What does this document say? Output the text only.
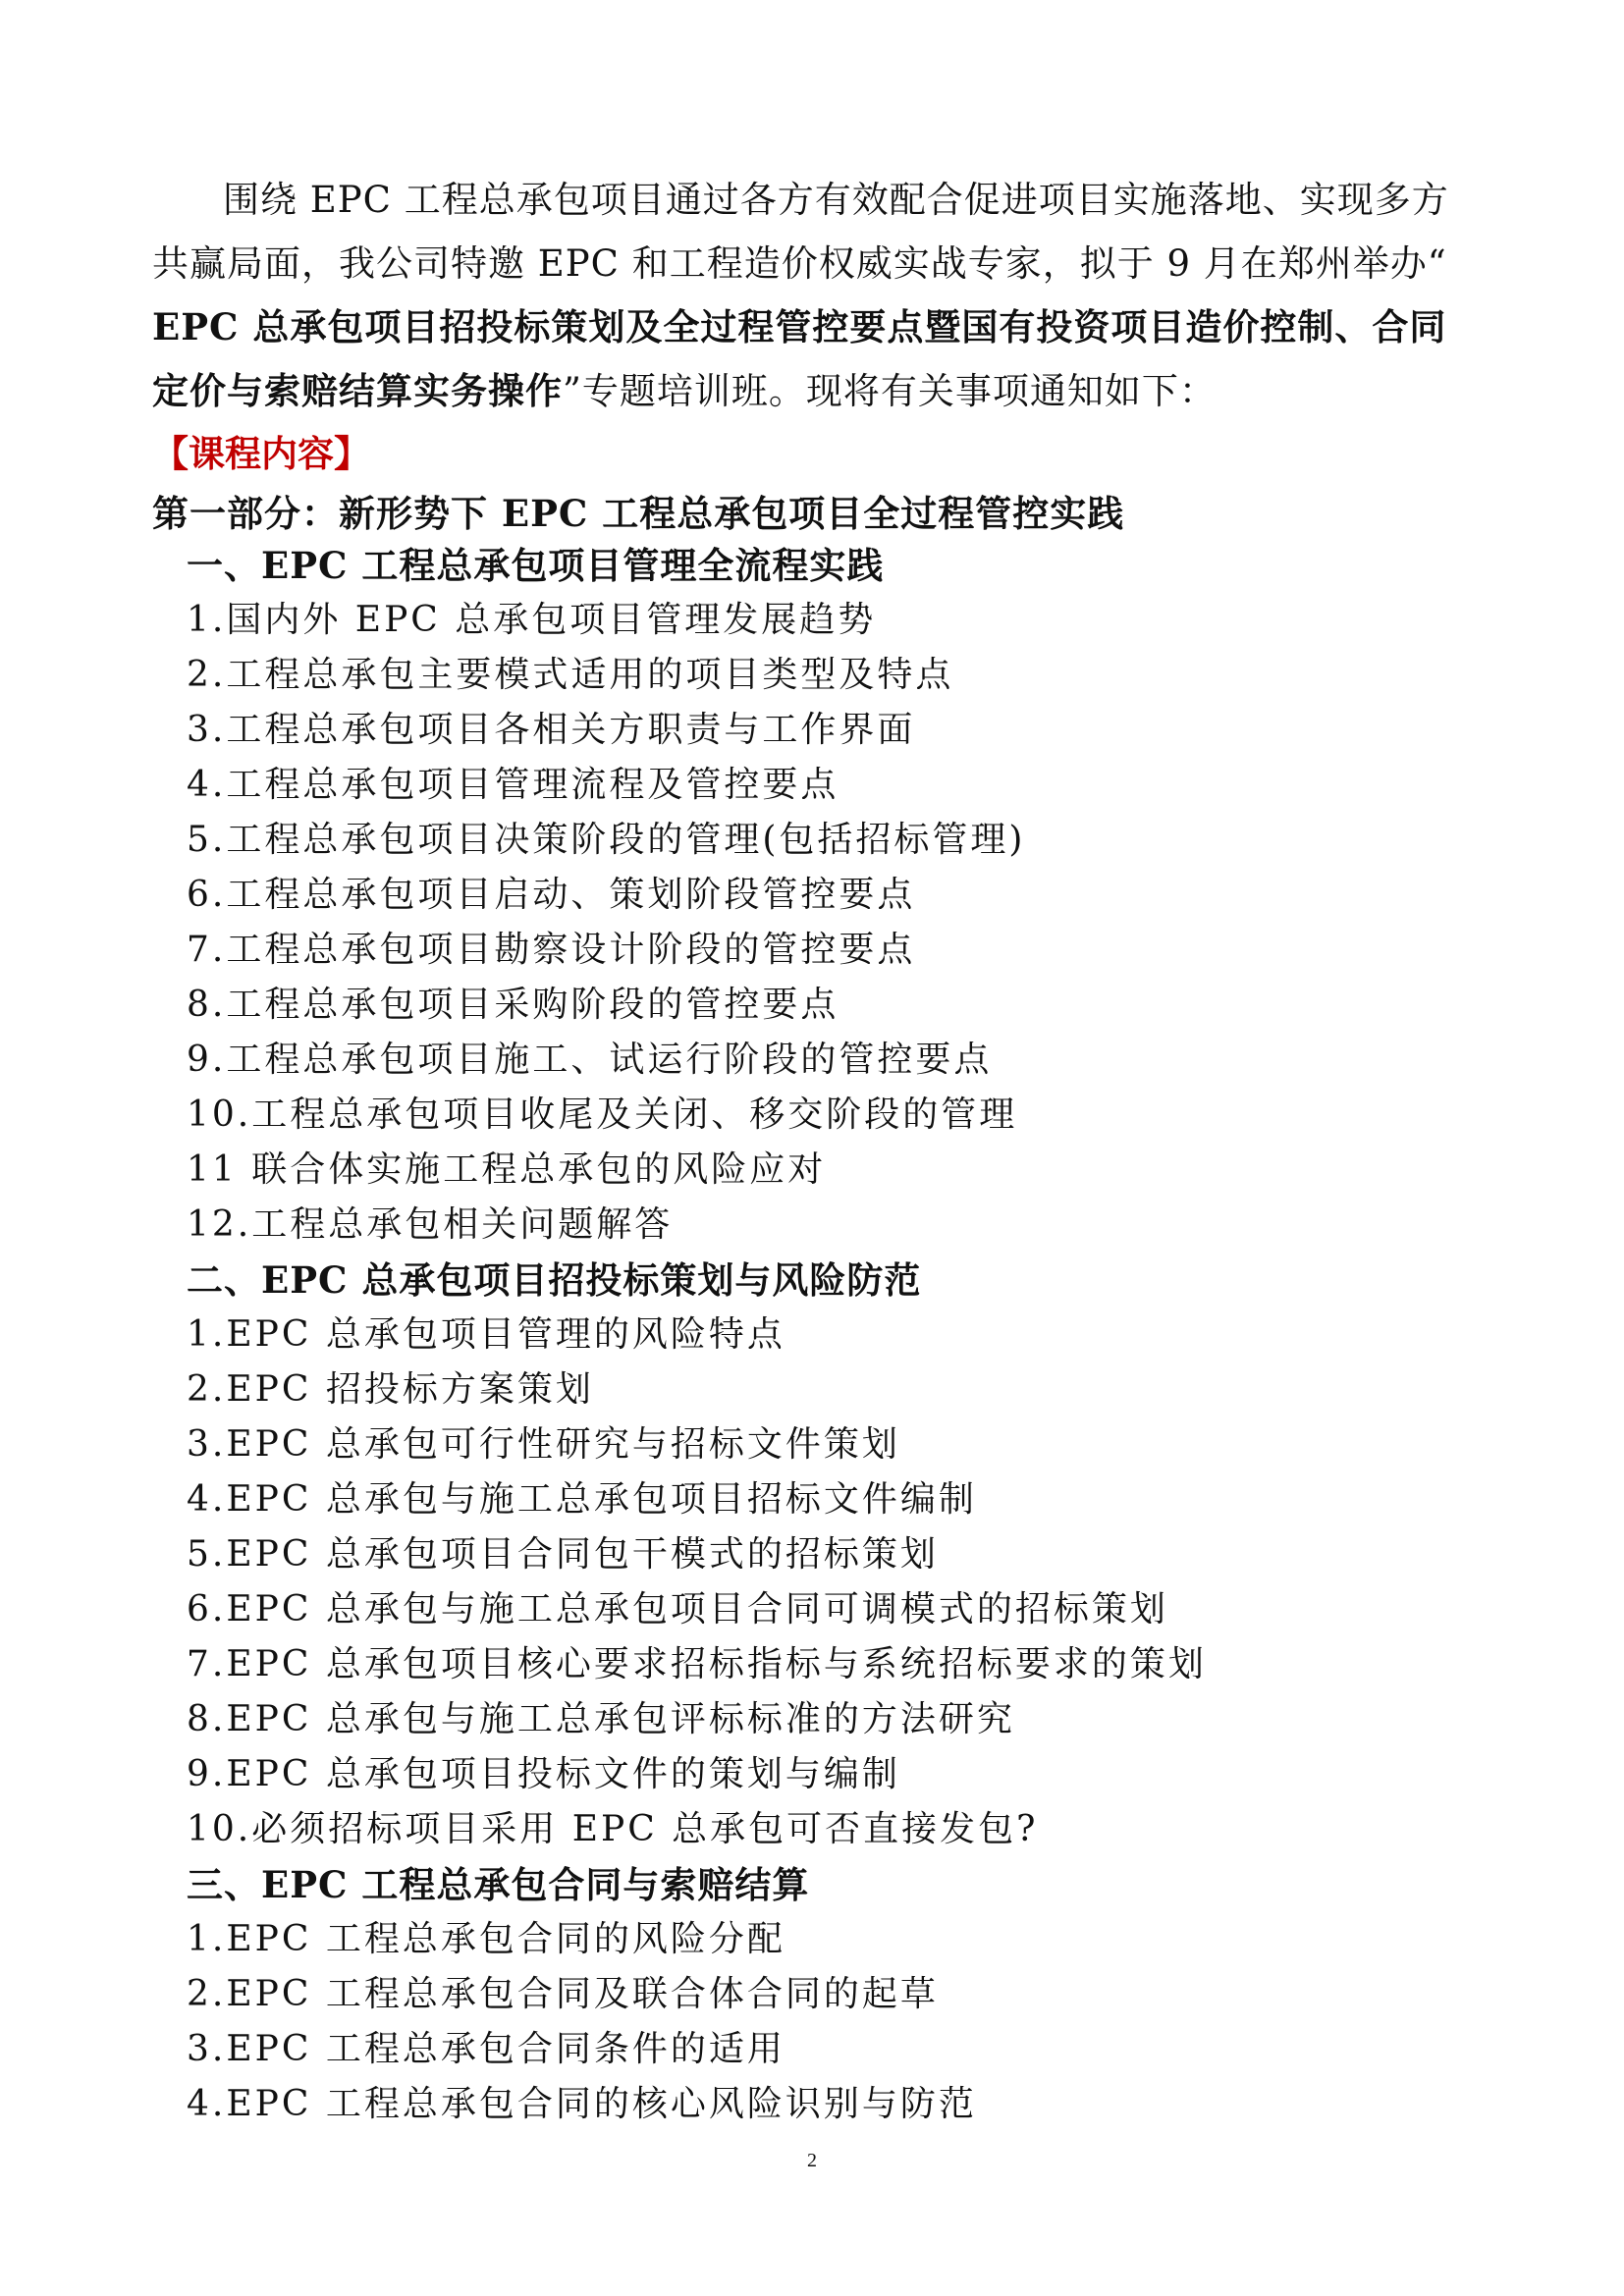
围绕 EPC 工程总承包项目通过各方有效配合促进项目实施落地、实现多方共赢局面，我公司特邀 EPC 和工程造价权威实战专家，拟于 9 月在郑州举办“ EPC 总承包项目招投标策划及全过程管控要点暨国有投资项目造价控制、合同定价与索赔结算实务操作”专题培训班。现将有关事项通知如下：

【课程内容】
第一部分：新形势下 EPC 工程总承包项目全过程管控实践
一、EPC 工程总承包项目管理全流程实践
1.国内外 EPC 总承包项目管理发展趋势
2.工程总承包主要模式适用的项目类型及特点
3.工程总承包项目各相关方职责与工作界面
4.工程总承包项目管理流程及管控要点
5.工程总承包项目决策阶段的管理(包括招标管理)
6.工程总承包项目启动、策划阶段管控要点
7.工程总承包项目勘察设计阶段的管控要点
8.工程总承包项目采购阶段的管控要点
9.工程总承包项目施工、试运行阶段的管控要点
10.工程总承包项目收尾及关闭、移交阶段的管理
11 联合体实施工程总承包的风险应对
12.工程总承包相关问题解答
二、EPC 总承包项目招投标策划与风险防范
1.EPC 总承包项目管理的风险特点
2.EPC 招投标方案策划
3.EPC 总承包可行性研究与招标文件策划
4.EPC 总承包与施工总承包项目招标文件编制
5.EPC 总承包项目合同包干模式的招标策划
6.EPC 总承包与施工总承包项目合同可调模式的招标策划
7.EPC 总承包项目核心要求招标指标与系统招标要求的策划
8.EPC 总承包与施工总承包评标标准的方法研究
9.EPC 总承包项目投标文件的策划与编制
10.必须招标项目采用 EPC 总承包可否直接发包?
三、EPC 工程总承包合同与索赔结算
1.EPC 工程总承包合同的风险分配
2.EPC 工程总承包合同及联合体合同的起草
3.EPC 工程总承包合同条件的适用
4.EPC 工程总承包合同的核心风险识别与防范
2
